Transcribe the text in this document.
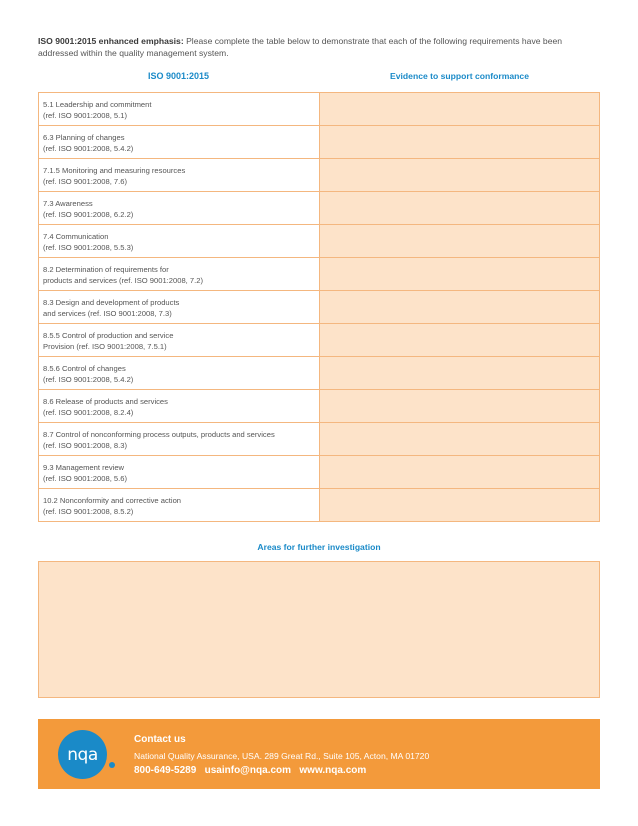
ISO 9001:2015 enhanced emphasis: Please complete the table below to demonstrate that each of the following requirements have been addressed within the quality management system.
ISO 9001:2015	Evidence to support conformance
5.1 Leadership and commitment
(ref. ISO 9001:2008, 5.1)
6.3 Planning of changes
(ref. ISO 9001:2008, 5.4.2)
7.1.5 Monitoring and measuring resources
(ref. ISO 9001:2008, 7.6)
7.3 Awareness
(ref. ISO 9001:2008, 6.2.2)
7.4 Communication
(ref. ISO 9001:2008, 5.5.3)
8.2 Determination of requirements for
products and services (ref. ISO 9001:2008, 7.2)
8.3 Design and development of products
and services (ref. ISO 9001:2008, 7.3)
8.5.5 Control of production and service
Provision (ref. ISO 9001:2008, 7.5.1)
8.5.6 Control of changes
(ref. ISO 9001:2008, 5.4.2)
8.6 Release of products and services
(ref. ISO 9001:2008, 8.2.4)
8.7 Control of nonconforming process outputs, products and services
(ref. ISO 9001:2008, 8.3)
9.3 Management review
(ref. ISO 9001:2008, 5.6)
10.2 Nonconformity and corrective action
(ref. ISO 9001:2008, 8.5.2)
Areas for further investigation
nqa
Contact us
National Quality Assurance, USA. 289 Great Rd., Suite 105, Acton, MA 01720
800-649-5289 usainfo@nqa.com www.nqa.com
